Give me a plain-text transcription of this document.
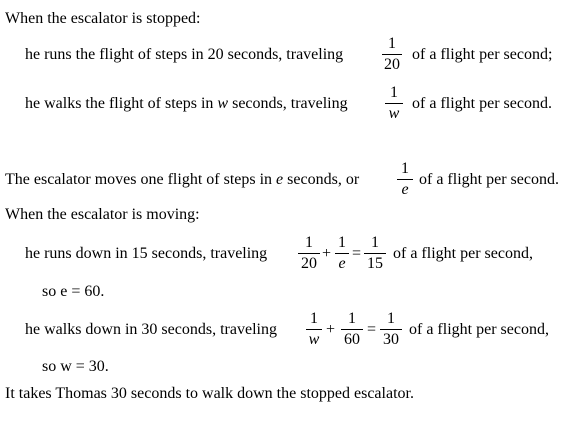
When the escalator is stopped:
he runs the flight of steps in 20 seconds, traveling
1
20
of a flight per second;
he walks the flight of steps in w seconds, traveling
1
w
of a flight per second.
The escalator moves one flight of steps in e seconds, or
1
e
of a flight per second.
When the escalator is moving:
he runs down in 15 seconds, traveling
1
20
+
1
e
=
1
15
of a flight per second,
so e = 60.
he walks down in 30 seconds, traveling
1
w
+
1
60
=
1
30
of a flight per second,
so w = 30.
It takes Thomas 30 seconds to walk down the stopped escalator.
